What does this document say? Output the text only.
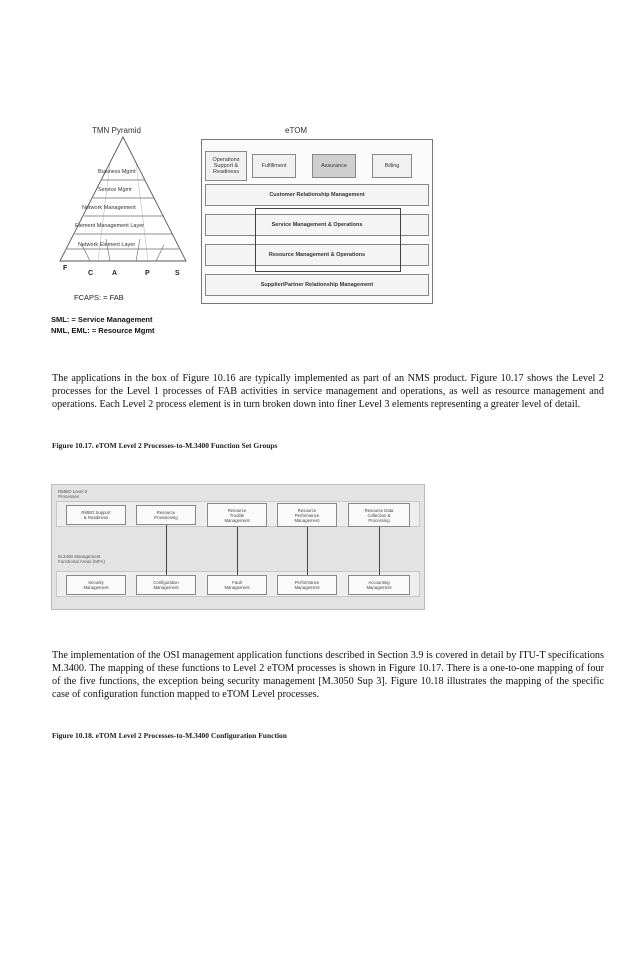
TMN Pyramid	eTOM
Business Mgmt
Service Mgmt
Network Management
Element Management Layer
Network Element Layer
F
C	A	P	S
FCAPS: = FAB
SML: = Service Management
NML, EML: = Resource Mgmt
Operations Support & Readiness
Fulfillment	Assurance	Billing
Customer Relationship Management
Service Management & Operations
Resource Management & Operations
Supplier/Partner Relationship Management
The applications in the box of Figure 10.16 are typically implemented as part of an NMS product. Figure 10.17 shows the Level 2 processes for the Level 1 processes of FAB activities in service management and operations, as well as resource management and operations. Each Level 2 process element is in turn broken down into finer Level 3 elements representing a greater level of detail.
Figure 10.17. eTOM Level 2 Processes-to-M.3400 Function Set Groups
RMBO Level 2
Processes
RMBO Support
& Readiness
Resource
Provisioning
Resource
Trouble
Management
Resource
Performance
Management
Resource Data
Collection &
Processing
M.3400 Management
Functional Areas (MFA)
Security
Management
Configuration
Management
Fault
Management
Performance
Management
Accounting
Management
The implementation of the OSI management application functions described in Section 3.9 is covered in detail by ITU-T specifications M.3400. The mapping of these functions to Level 2 eTOM processes is shown in Figure 10.17. There is a one-to-one mapping of four of the five functions, the exception being security management [M.3050 Sup 3]. Figure 10.18 illustrates the mapping of the specific case of configuration function mapped to eTOM Level processes.
Figure 10.18. eTOM Level 2 Processes-to-M.3400 Configuration Function
